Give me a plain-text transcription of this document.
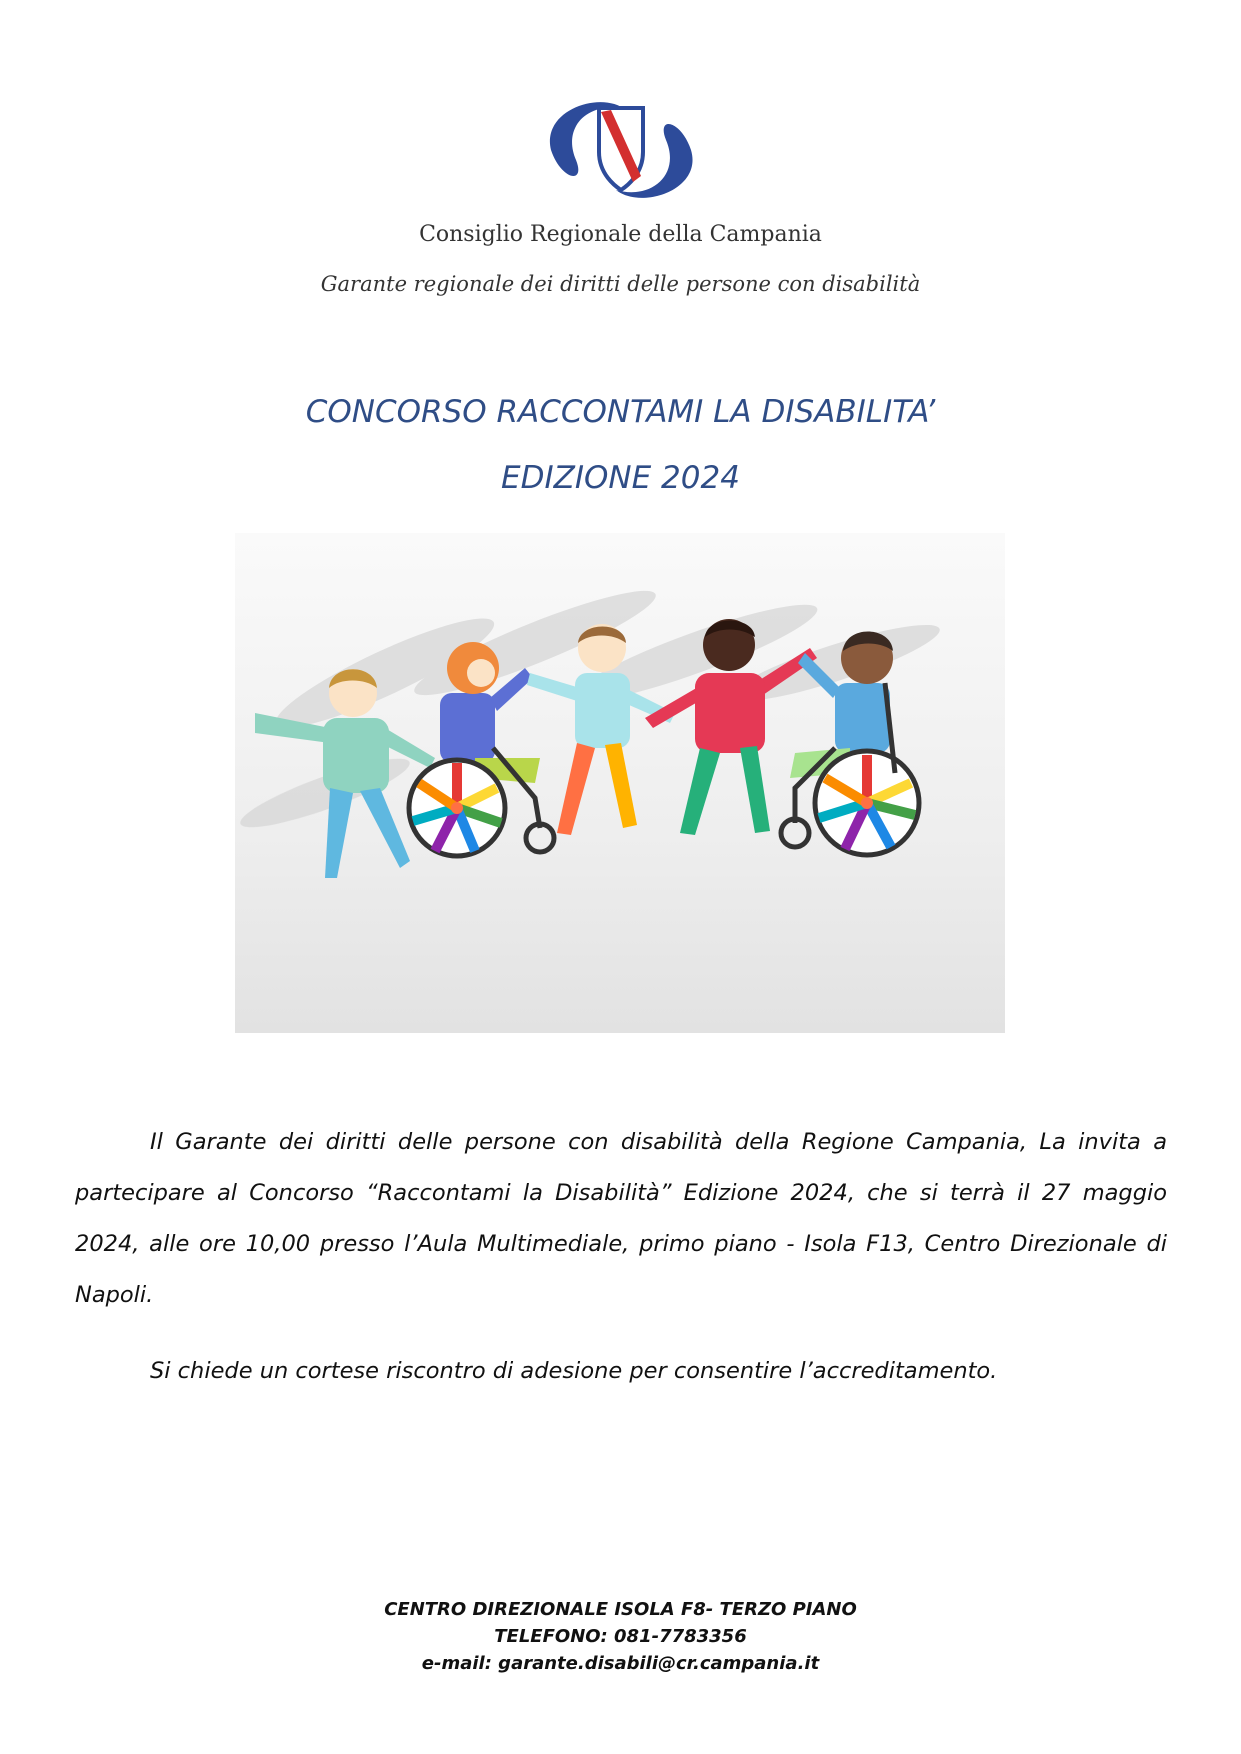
Consiglio Regionale della Campania
Garante regionale dei diritti delle persone con disabilità
CONCORSO RACCONTAMI LA DISABILITA’
EDIZIONE 2024
Il Garante dei diritti delle persone con disabilità della Regione Campania, La invita a partecipare al Concorso “Raccontami la Disabilità” Edizione 2024, che si terrà il 27 maggio 2024, alle ore 10,00 presso l’Aula Multimediale, primo piano - Isola F13, Centro Direzionale di Napoli.
Si chiede un cortese riscontro di adesione per consentire l’accreditamento.
CENTRO DIREZIONALE ISOLA F8- TERZO PIANO
TELEFONO: 081-7783356
e-mail: garante.disabili@cr.campania.it
